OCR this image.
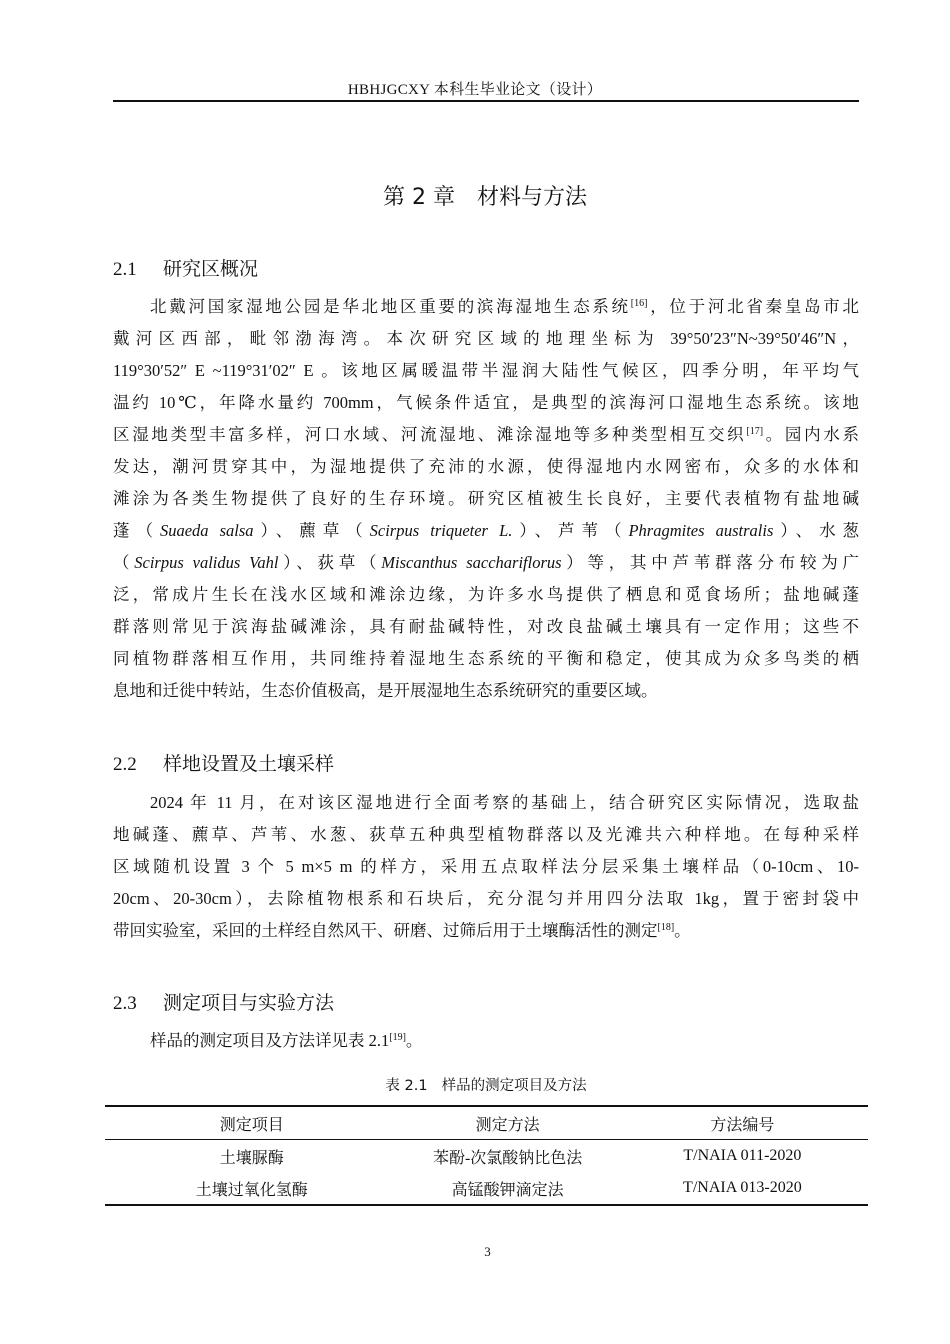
HBHJGCXY 本科生毕业论文（设计）
第 2 章 材料与方法
2.1 研究区概况
北戴河国家湿地公园是华北地区重要的滨海湿地生态系统[16]，位于河北省秦皇岛市北
戴河区西部，毗邻渤海湾。本次研究区域的地理坐标为 39°50′23″N~39°50′46″N，
119°30′52″ E ~119°31′02″ E 。该地区属暖温带半湿润大陆性气候区，四季分明，年平均气
温约 10℃，年降水量约 700mm，气候条件适宜，是典型的滨海河口湿地生态系统。该地
区湿地类型丰富多样，河口水域、河流湿地、滩涂湿地等多种类型相互交织[17]。园内水系
发达，潮河贯穿其中，为湿地提供了充沛的水源，使得湿地内水网密布，众多的水体和
滩涂为各类生物提供了良好的生存环境。研究区植被生长良好，主要代表植物有盐地碱
蓬（Suaeda salsa）、藨草（Scirpus triqueter L.）、芦苇（Phragmites australis）、水葱
（Scirpus validus Vahl）、荻草（Miscanthus sacchariflorus）等，其中芦苇群落分布较为广
泛，常成片生长在浅水区域和滩涂边缘，为许多水鸟提供了栖息和觅食场所；盐地碱蓬
群落则常见于滨海盐碱滩涂，具有耐盐碱特性，对改良盐碱土壤具有一定作用；这些不
同植物群落相互作用，共同维持着湿地生态系统的平衡和稳定，使其成为众多鸟类的栖
息地和迁徙中转站，生态价值极高，是开展湿地生态系统研究的重要区域。
2.2 样地设置及土壤采样
2024 年 11 月，在对该区湿地进行全面考察的基础上，结合研究区实际情况，选取盐
地碱蓬、藨草、芦苇、水葱、荻草五种典型植物群落以及光滩共六种样地。在每种采样
区域随机设置 3 个 5 m×5 m 的样方，采用五点取样法分层采集土壤样品（0-10cm、10-
20cm、20-30cm），去除植物根系和石块后，充分混匀并用四分法取 1kg，置于密封袋中
带回实验室，采回的土样经自然风干、研磨、过筛后用于土壤酶活性的测定[18]。
2.3 测定项目与实验方法
样品的测定项目及方法详见表 2.1[19]。
表 2.1 样品的测定项目及方法
测定项目	测定方法	方法编号
土壤脲酶	苯酚-次氯酸钠比色法	T/NAIA 011-2020
土壤过氧化氢酶	高锰酸钾滴定法	T/NAIA 013-2020
3
